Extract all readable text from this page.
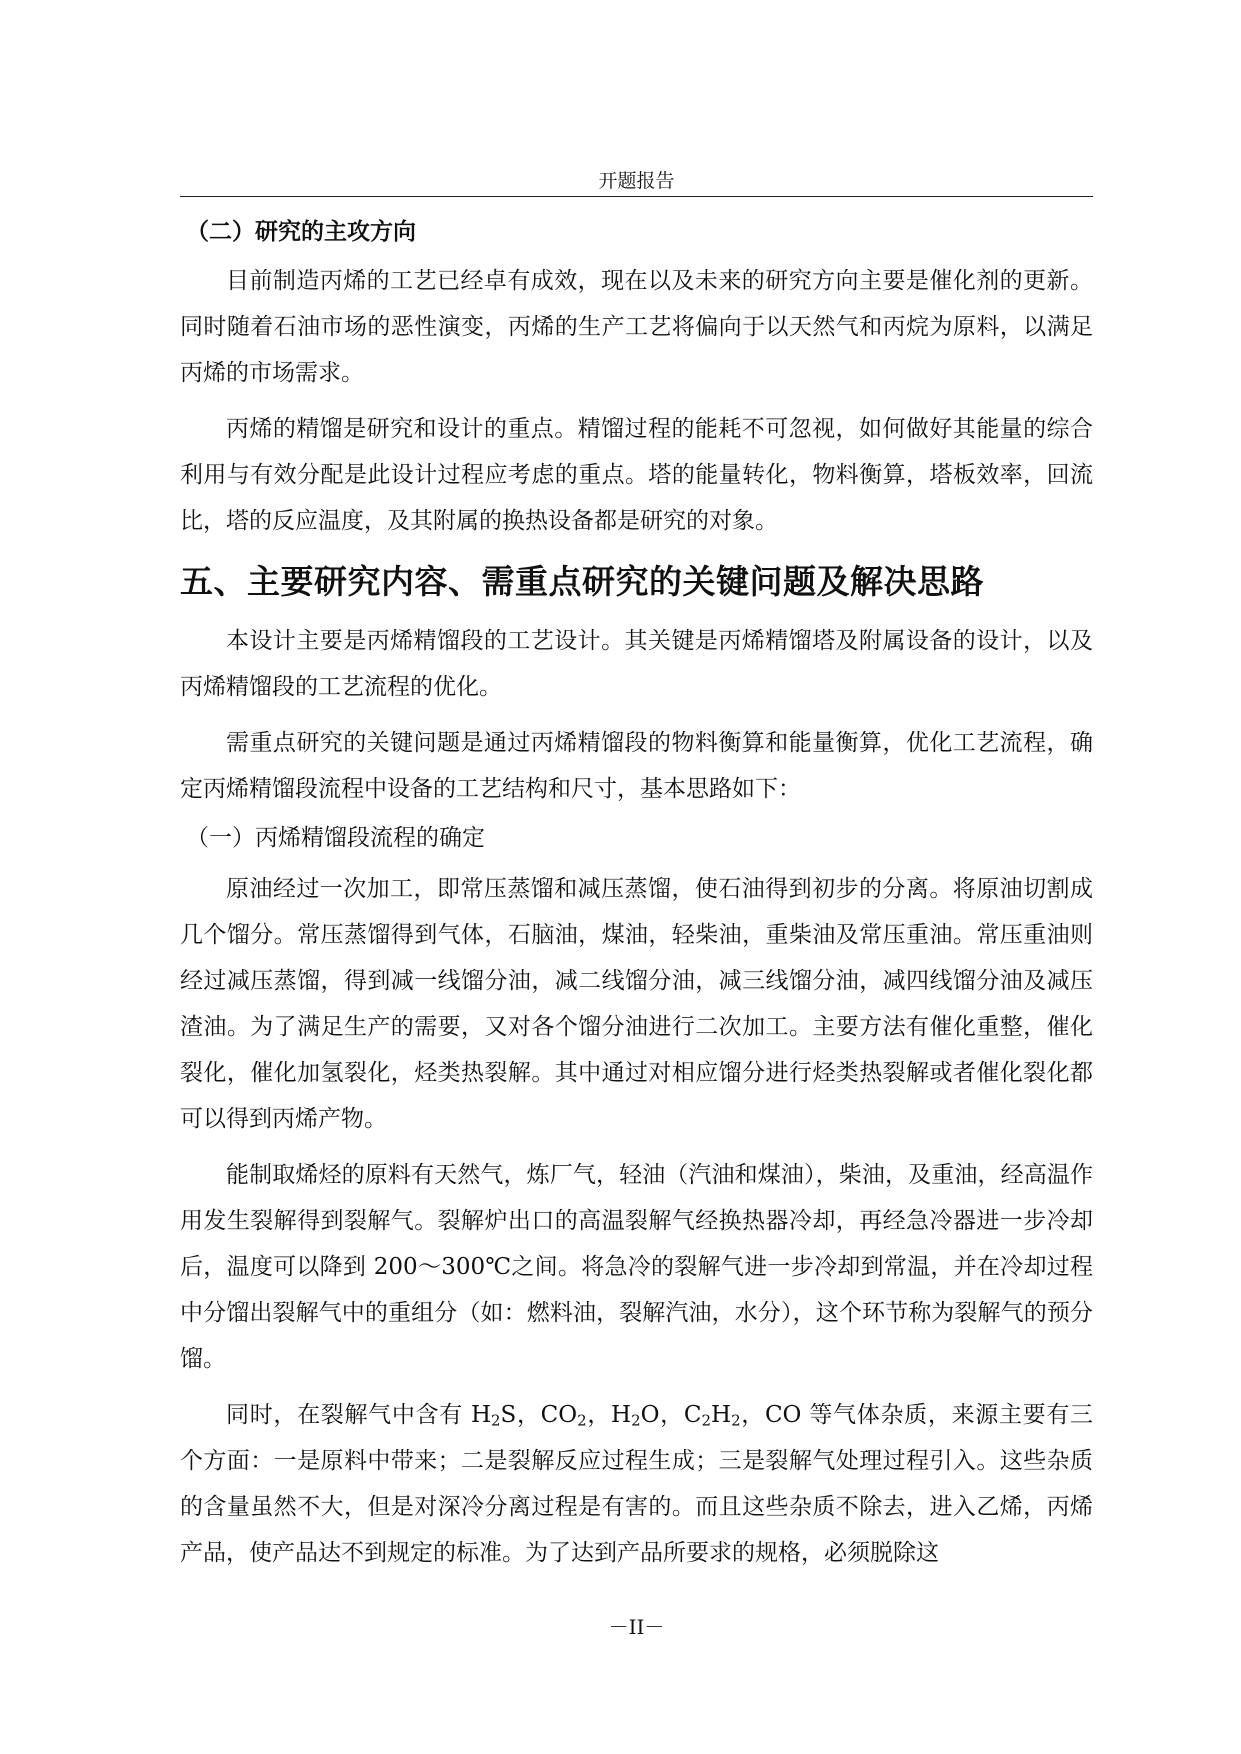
开题报告
（二）研究的主攻方向

目前制造丙烯的工艺已经卓有成效，现在以及未来的研究方向主要是催化剂的更新。同时随着石油市场的恶性演变，丙烯的生产工艺将偏向于以天然气和丙烷为原料，以满足丙烯的市场需求。

丙烯的精馏是研究和设计的重点。精馏过程的能耗不可忽视，如何做好其能量的综合利用与有效分配是此设计过程应考虑的重点。塔的能量转化，物料衡算，塔板效率，回流比，塔的反应温度，及其附属的换热设备都是研究的对象。

五、主要研究内容、需重点研究的关键问题及解决思路

本设计主要是丙烯精馏段的工艺设计。其关键是丙烯精馏塔及附属设备的设计，以及丙烯精馏段的工艺流程的优化。

需重点研究的关键问题是通过丙烯精馏段的物料衡算和能量衡算，优化工艺流程，确定丙烯精馏段流程中设备的工艺结构和尺寸，基本思路如下：

（一）丙烯精馏段流程的确定

原油经过一次加工，即常压蒸馏和减压蒸馏，使石油得到初步的分离。将原油切割成几个馏分。常压蒸馏得到气体，石脑油，煤油，轻柴油，重柴油及常压重油。常压重油则经过减压蒸馏，得到减一线馏分油，减二线馏分油，减三线馏分油，减四线馏分油及减压渣油。为了满足生产的需要，又对各个馏分油进行二次加工。主要方法有催化重整，催化裂化，催化加氢裂化，烃类热裂解。其中通过对相应馏分进行烃类热裂解或者催化裂化都可以得到丙烯产物。

能制取烯烃的原料有天然气，炼厂气，轻油（汽油和煤油），柴油，及重油，经高温作用发生裂解得到裂解气。裂解炉出口的高温裂解气经换热器冷却，再经急冷器进一步冷却后，温度可以降到 200～300℃之间。将急冷的裂解气进一步冷却到常温，并在冷却过程中分馏出裂解气中的重组分（如：燃料油，裂解汽油，水分），这个环节称为裂解气的预分馏。

同时，在裂解气中含有 $H_2S$，$CO_2$，$H_2O$，$C_2H_2$，CO 等气体杂质，来源主要有三个方面：一是原料中带来；二是裂解反应过程生成；三是裂解气处理过程引入。这些杂质的含量虽然不大，但是对深冷分离过程是有害的。而且这些杂质不除去，进入乙烯，丙烯产品，使产品达不到规定的标准。为了达到产品所要求的规格，必须脱除这

－II－
